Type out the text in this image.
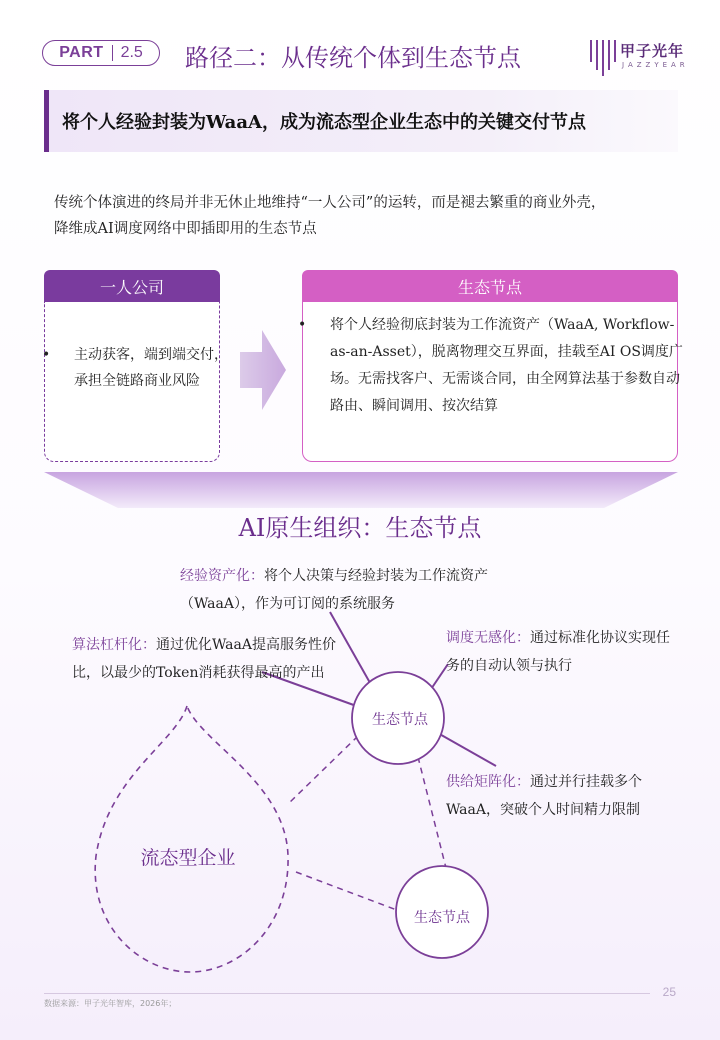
PART 2.5 路径二：从传统个体到生态节点	甲子光年
JAZZYEAR
将个人经验封装为WaaA，成为流态型企业生态中的关键交付节点
传统个体演进的终局并非无休止地维持“一人公司”的运转，而是褪去繁重的商业外壳，
降维成AI调度网络中即插即用的生态节点
一人公司
• 主动获客，端到端交付，承担全链路商业风险
生态节点
• 将个人经验彻底封装为工作流资产（WaaA, Workflow-as-an-Asset），脱离物理交互界面，挂载至AI OS调度广场。无需找客户、无需谈合同，由全网算法基于参数自动路由、瞬间调用、按次结算
AI原生组织：生态节点
经验资产化：将个人决策与经验封装为工作流资产（WaaA），作为可订阅的系统服务
算法杠杆化：通过优化WaaA提高服务性价比，以最少的Token消耗获得最高的产出
调度无感化：通过标准化协议实现任务的自动认领与执行
供给矩阵化：通过并行挂载多个WaaA，突破个人时间精力限制
生态节点
生态节点
流态型企业
数据来源：甲子光年智库，2026年；
25
